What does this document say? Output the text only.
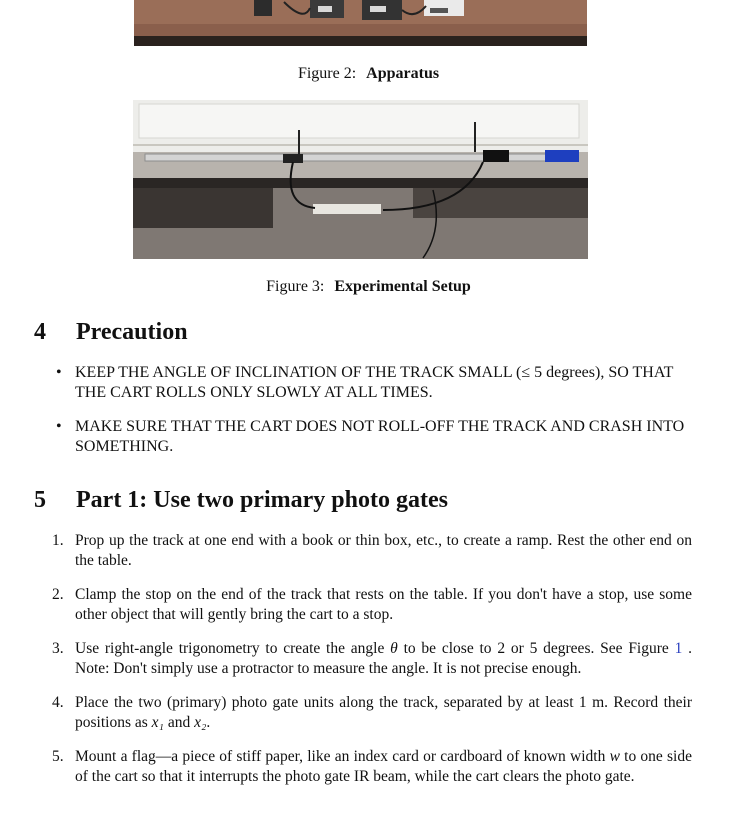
Figure 2: Apparatus
Figure 3: Experimental Setup
4 Precaution
• KEEP THE ANGLE OF INCLINATION OF THE TRACK SMALL (≤ 5 degrees), SO THAT THE CART ROLLS ONLY SLOWLY AT ALL TIMES.
• MAKE SURE THAT THE CART DOES NOT ROLL-OFF THE TRACK AND CRASH INTO SOMETHING.
5 Part 1: Use two primary photo gates
1. Prop up the track at one end with a book or thin box, etc., to create a ramp. Rest the other end on the table.
2. Clamp the stop on the end of the track that rests on the table. If you don't have a stop, use some other object that will gently bring the cart to a stop.
3. Use right-angle trigonometry to create the angle θ to be close to 2 or 5 degrees. See Figure 1 . Note: Don't simply use a protractor to measure the angle. It is not precise enough.
4. Place the two (primary) photo gate units along the track, separated by at least 1 m. Record their positions as x₁ and x₂.
5. Mount a flag—a piece of stiff paper, like an index card or cardboard of known width w to one side of the cart so that it interrupts the photo gate IR beam, while the cart clears the photo gate.
